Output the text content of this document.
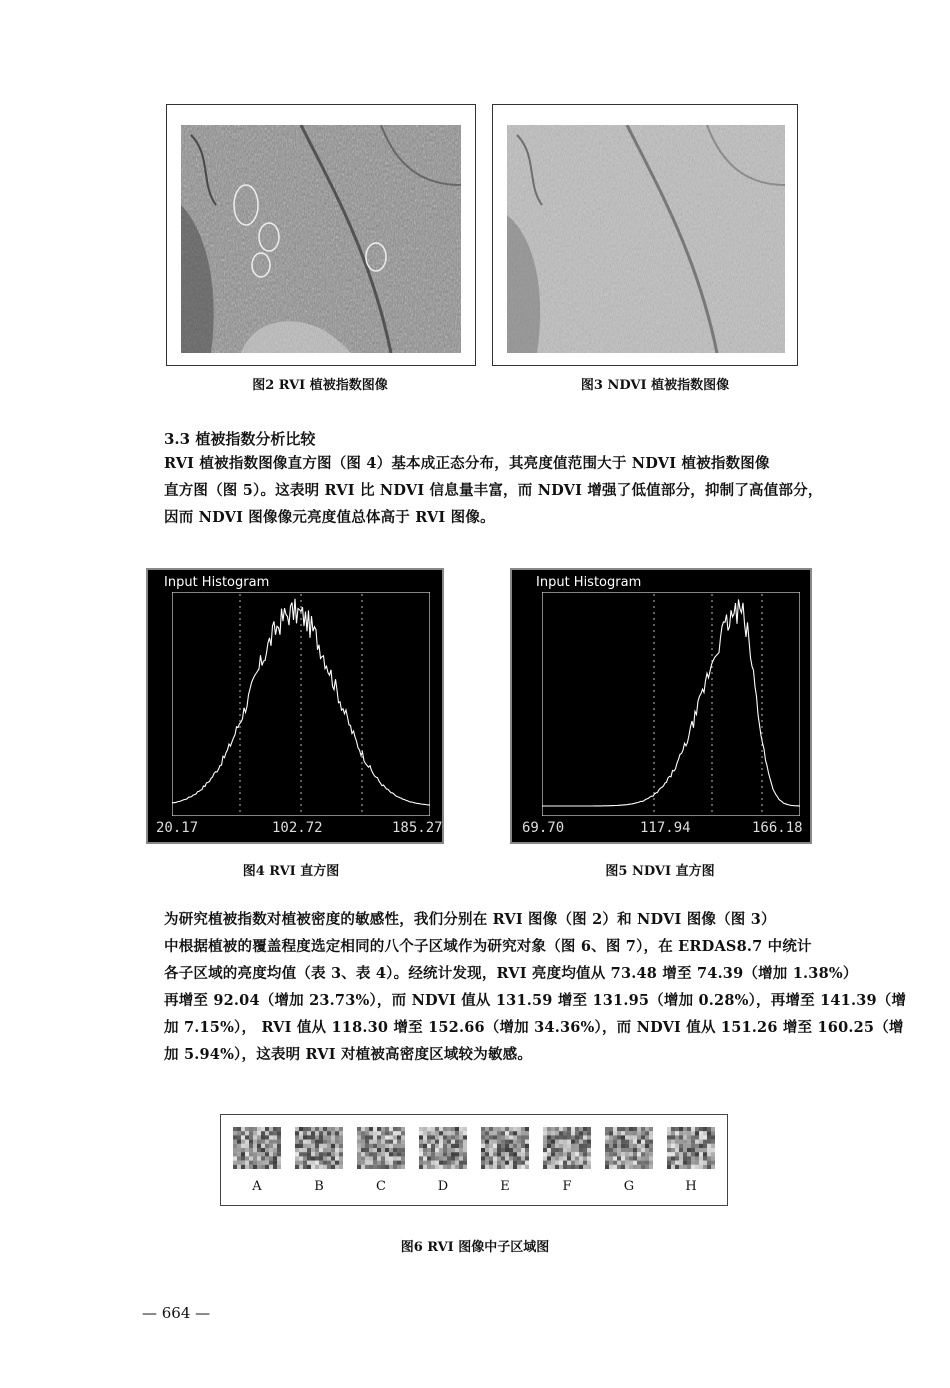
图2 RVI 植被指数图像	图3 NDVI 植被指数图像
3.3 植被指数分析比较
RVI 植被指数图像直方图（图 4）基本成正态分布，其亮度值范围大于 NDVI 植被指数图像
直方图（图 5）。这表明 RVI 比 NDVI 信息量丰富，而 NDVI 增强了低值部分，抑制了高值部分，
因而 NDVI 图像像元亮度值总体高于 RVI 图像。
Input Histogram
20.17	102.72	185.27
图4 RVI 直方图
Input Histogram
69.70	117.94	166.18
图5 NDVI 直方图
为研究植被指数对植被密度的敏感性，我们分别在 RVI 图像（图 2）和 NDVI 图像（图 3）
中根据植被的覆盖程度选定相同的八个子区域作为研究对象（图 6、图 7），在 ERDAS8.7 中统计
各子区域的亮度均值（表 3、表 4）。经统计发现，RVI 亮度均值从 73.48 增至 74.39（增加 1.38%）
再增至 92.04（增加 23.73%），而 NDVI 值从 131.59 增至 131.95（增加 0.28%），再增至 141.39（增
加 7.15%）， RVI 值从 118.30 增至 152.66（增加 34.36%），而 NDVI 值从 151.26 增至 160.25（增
加 5.94%），这表明 RVI 对植被高密度区域较为敏感。
A	B	C	D	E	F	G	H
图6 RVI 图像中子区域图
— 664 —
